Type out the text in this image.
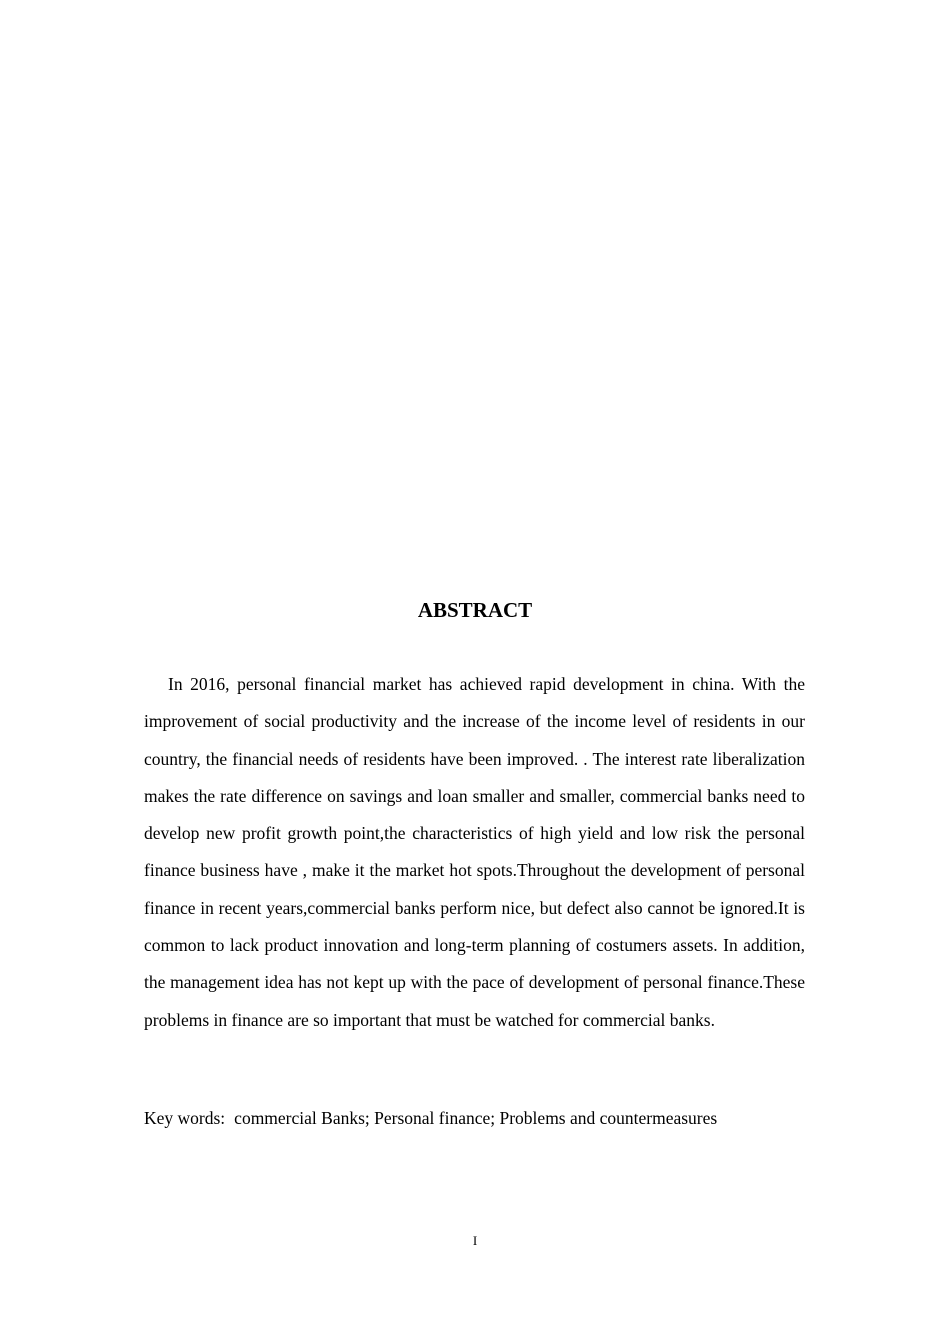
ABSTRACT

In 2016, personal financial market has achieved rapid development in china. With the improvement of social productivity and the increase of the income level of residents in our country, the financial needs of residents have been improved. . The interest rate liberalization makes the rate difference on savings and loan smaller and smaller, commercial banks need to develop new profit growth point,the characteristics of high yield and low risk the personal finance business have , make it the market hot spots.Throughout the development of personal finance in recent years,commercial banks perform nice, but defect also cannot be ignored.It is common to lack product innovation and long-term planning of costumers assets. In addition, the management idea has not kept up with the pace of development of personal finance.These problems in finance are so important that must be watched for commercial banks.

Key words: commercial Banks; Personal finance; Problems and countermeasures

I
